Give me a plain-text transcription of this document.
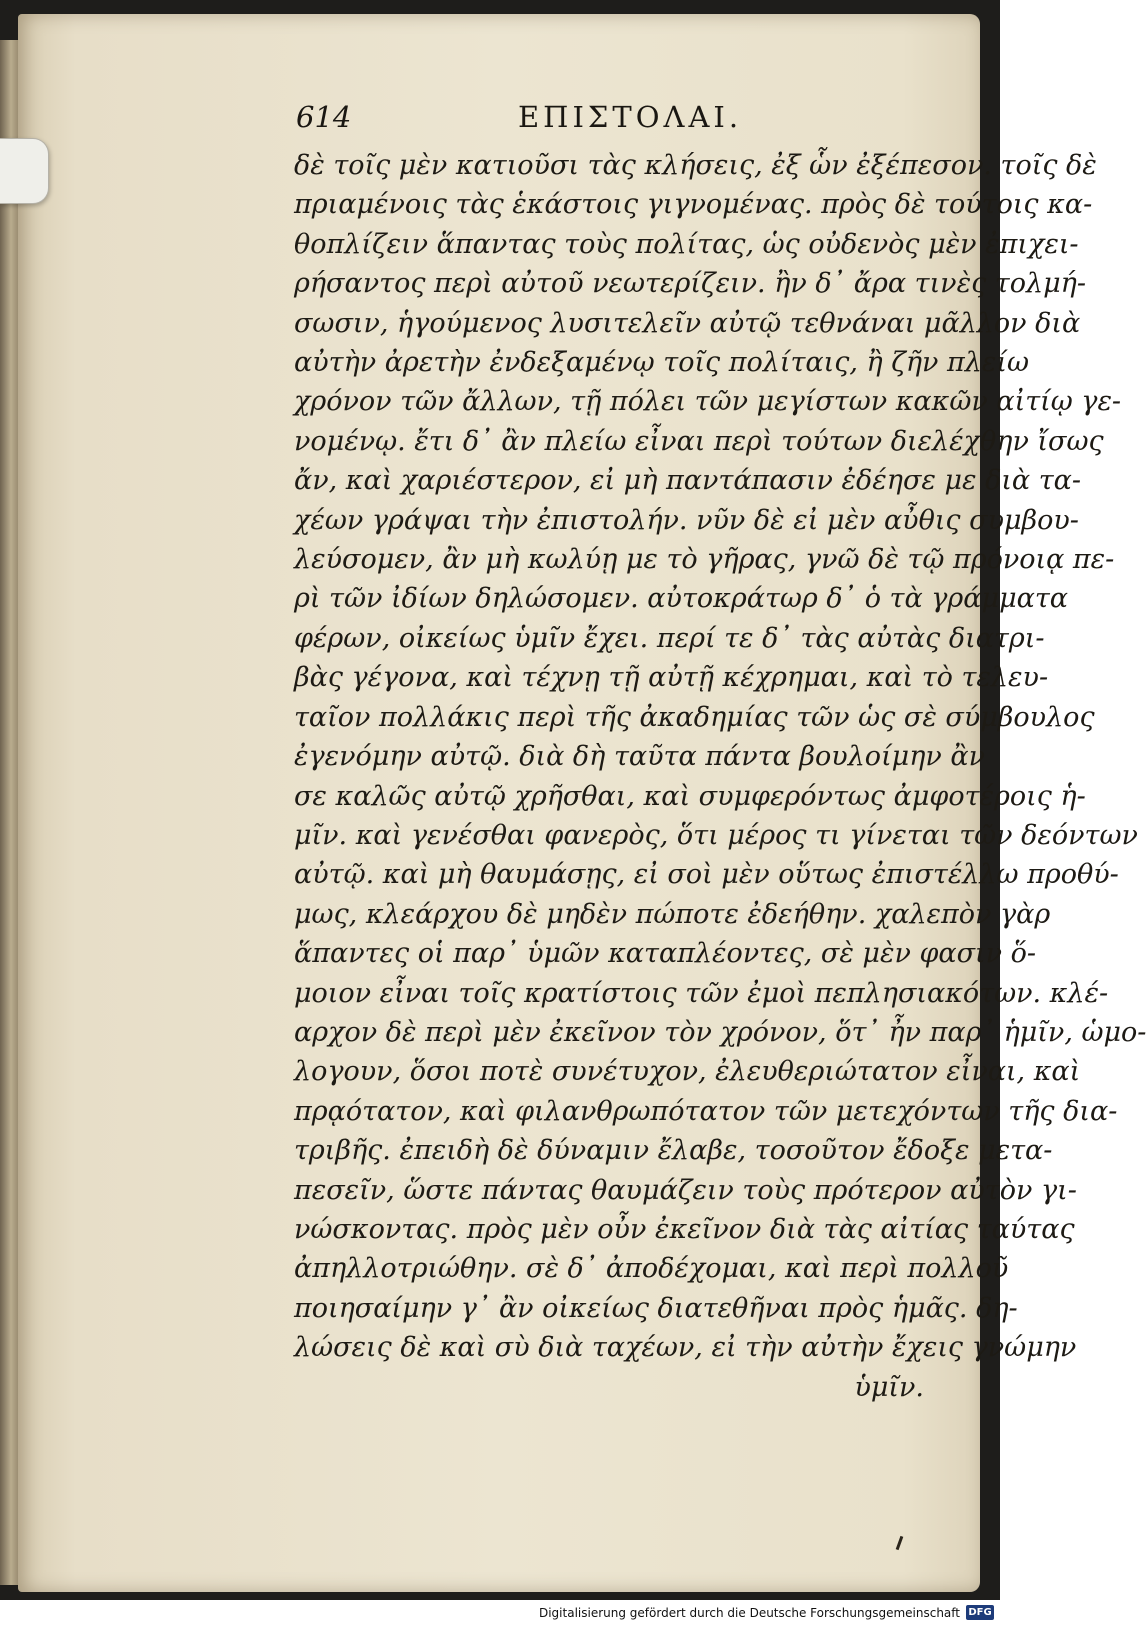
614	ΕΠΙΣΤΟΛΑΙ.
δὲ τοῖς μὲν κατιοῦσι τὰς κλήσεις, ἐξ ὧν ἐξέπεσον. τοῖς δὲ
πριαμένοις τὰς ἑκάστοις γιγνομένας. πρὸς δὲ τούτοις κα-
θοπλίζειν ἅπαντας τοὺς πολίτας, ὡς οὐδενὸς μὲν ἐπιχει-
ρήσαντος περὶ αὐτοῦ νεωτερίζειν. ἢν δ᾽ ἄρα τινὲς τολμή-
σωσιν, ἡγούμενος λυσιτελεῖν αὐτῷ τεθνάναι μᾶλλον διὰ
αὐτὴν ἀρετὴν ἐνδεξαμένῳ τοῖς πολίταις, ἢ ζῆν πλείω
χρόνον τῶν ἄλλων, τῇ πόλει τῶν μεγίστων κακῶν αἰτίῳ γε-
νομένῳ. ἔτι δ᾽ ἂν πλείω εἶναι περὶ τούτων διελέχθην ἴσως
ἄν, καὶ χαριέστερον, εἰ μὴ παντάπασιν ἐδέησε με διὰ τα-
χέων γράψαι τὴν ἐπιστολήν. νῦν δὲ εἰ μὲν αὖθις συμβου-
λεύσομεν, ἂν μὴ κωλύῃ με τὸ γῆρας, γνῶ δὲ τῷ πρόνοιᾳ πε-
ρὶ τῶν ἰδίων δηλώσομεν. αὐτοκράτωρ δ᾽ ὁ τὰ γράμματα
φέρων, οἰκείως ὑμῖν ἔχει. περί τε δ᾽ τὰς αὐτὰς διατρι-
βὰς γέγονα, καὶ τέχνῃ τῇ αὐτῇ κέχρημαι, καὶ τὸ τελευ-
ταῖον πολλάκις περὶ τῆς ἀκαδημίας τῶν ὡς σὲ σύμβουλος
ἐγενόμην αὐτῷ. διὰ δὴ ταῦτα πάντα βουλοίμην ἂν
σε καλῶς αὐτῷ χρῆσθαι, καὶ συμφερόντως ἀμφοτέροις ἡ-
μῖν. καὶ γενέσθαι φανερὸς, ὅτι μέρος τι γίνεται τῶν δεόντων
αὐτῷ. καὶ μὴ θαυμάσῃς, εἰ σοὶ μὲν οὕτως ἐπιστέλλω προθύ-
μως, κλεάρχου δὲ μηδὲν πώποτε ἐδεήθην. χαλεπὸν γὰρ
ἅπαντες οἱ παρ᾽ ὑμῶν καταπλέοντες, σὲ μὲν φασιν ὅ-
μοιον εἶναι τοῖς κρατίστοις τῶν ἐμοὶ πεπλησιακότων. κλέ-
αρχον δὲ περὶ μὲν ἐκεῖνον τὸν χρόνον, ὅτ᾽ ἦν παρ᾽ ἡμῖν, ὡμο-
λογουν, ὅσοι ποτὲ συνέτυχον, ἐλευθεριώτατον εἶναι, καὶ
πρᾳότατον, καὶ φιλανθρωπότατον τῶν μετεχόντων τῆς δια-
τριβῆς. ἐπειδὴ δὲ δύναμιν ἔλαβε, τοσοῦτον ἔδοξε μετα-
πεσεῖν, ὥστε πάντας θαυμάζειν τοὺς πρότερον αὐτὸν γι-
νώσκοντας. πρὸς μὲν οὖν ἐκεῖνον διὰ τὰς αἰτίας ταύτας
ἀπηλλοτριώθην. σὲ δ᾽ ἀποδέχομαι, καὶ περὶ πολλοῦ
ποιησαίμην γ᾽ ἂν οἰκείως διατεθῆναι πρὸς ἡμᾶς. δη-
λώσεις δὲ καὶ σὺ διὰ ταχέων, εἰ τὴν αὐτὴν ἔχεις γνώμην
ὑμῖν.
Digitalisierung gefördert durch die Deutsche Forschungsgemeinschaft DFG
